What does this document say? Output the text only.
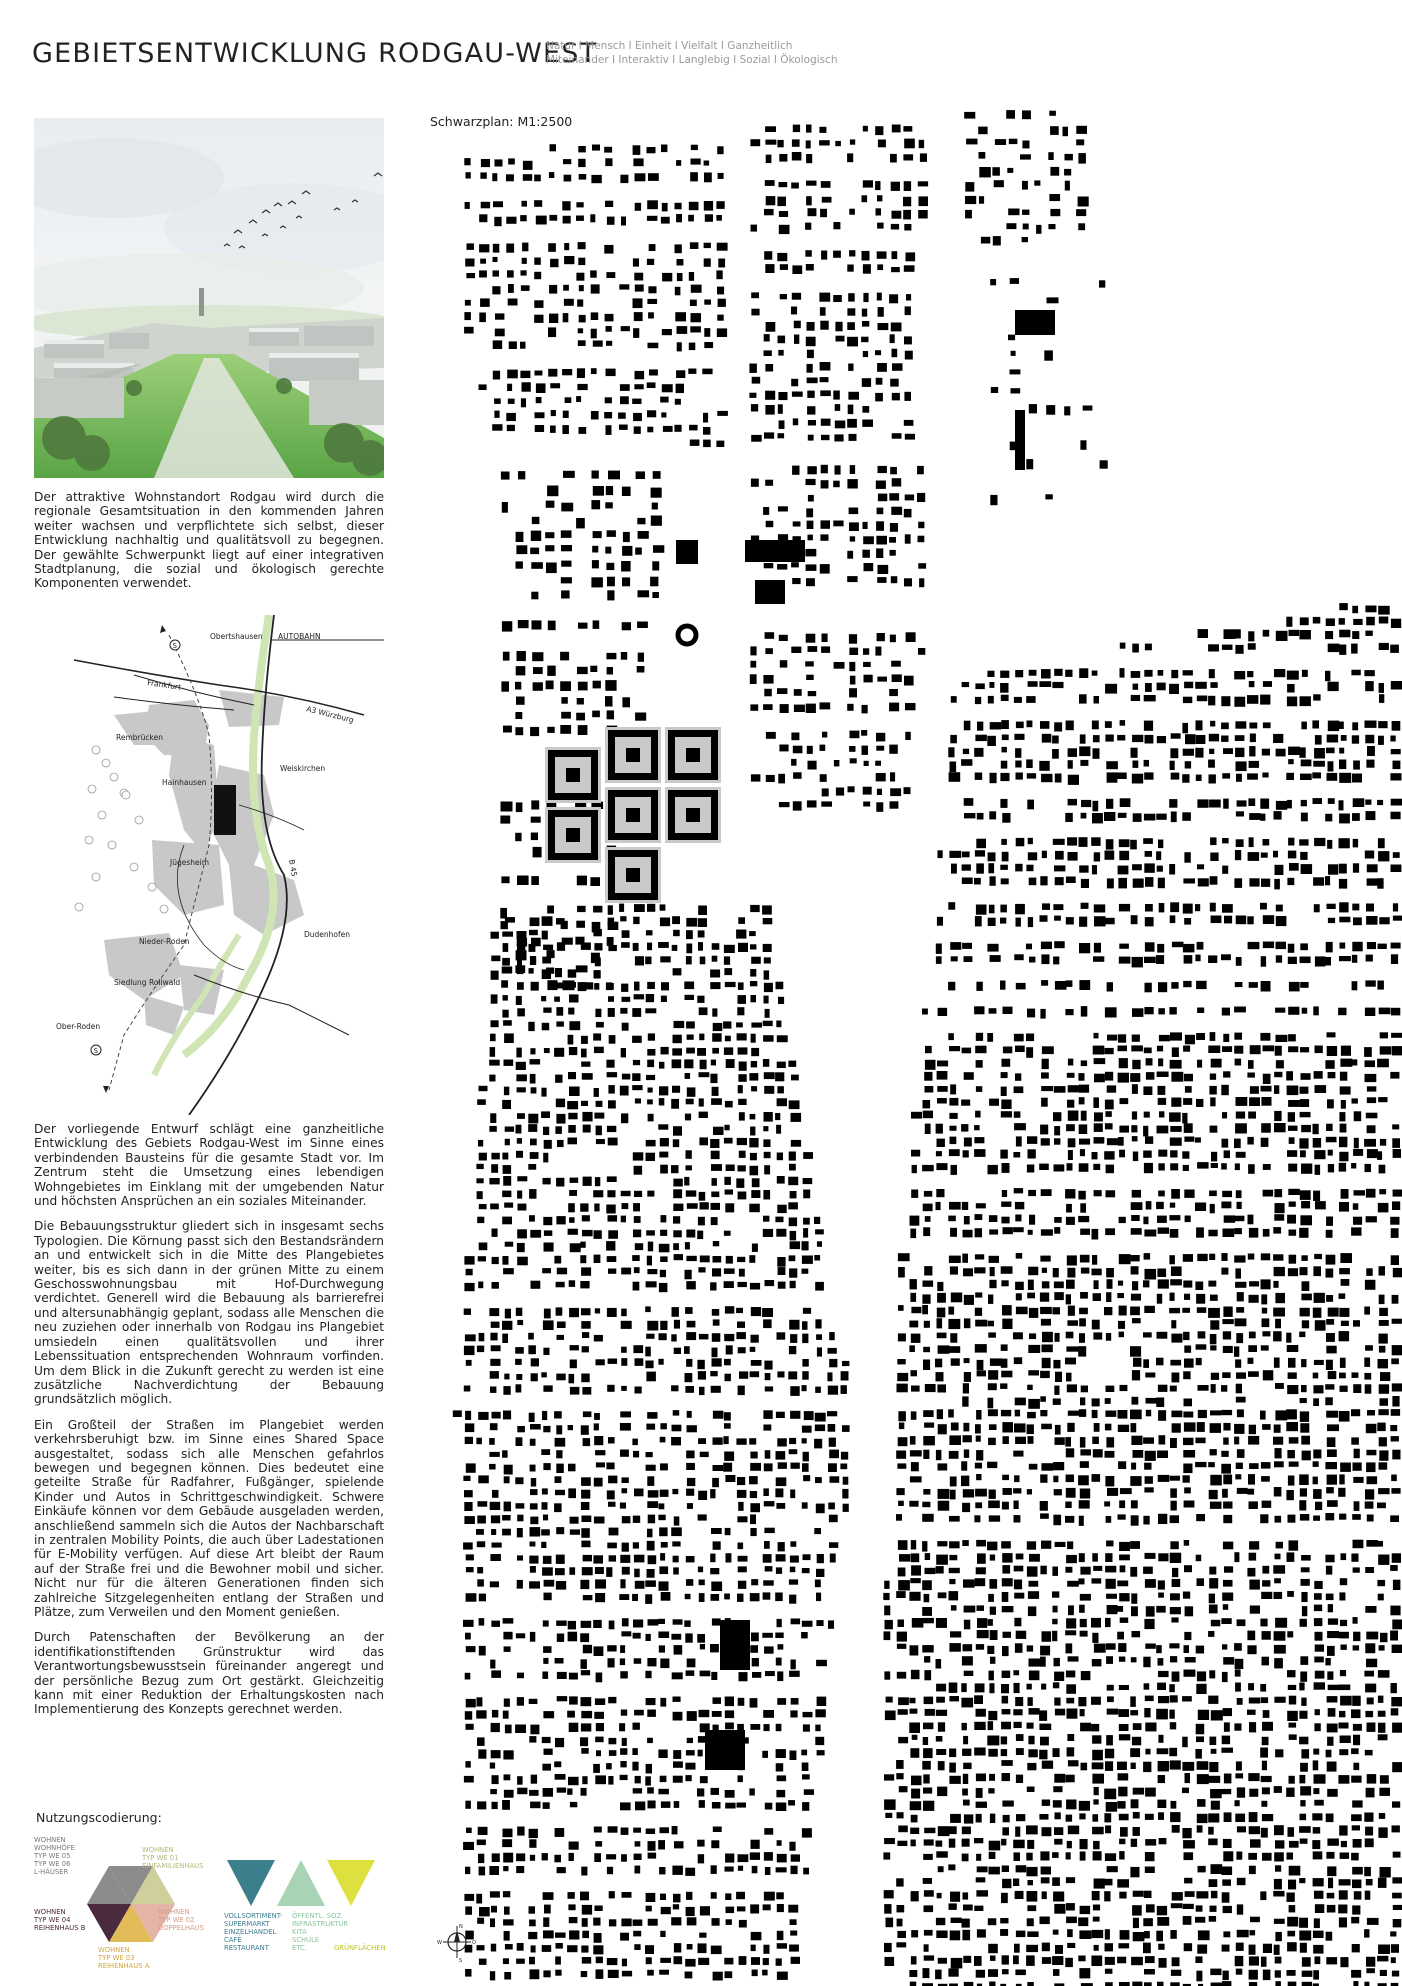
GEBIETSENTWICKLUNG RODGAU-WEST
Natur I Mensch I Einheit I Vielfalt I Ganzheitlich
Miteinander I Interaktiv I Langlebig I Sozial I Ökologisch

Der attraktive Wohnstandort Rodgau wird durch die regionale Gesamtsituation in den kommenden Jahren weiter wachsen und verpflichtete sich selbst, dieser Entwicklung nachhaltig und qualitätsvoll zu begegnen. Der gewählte Schwerpunkt liegt auf einer integrativen Stadtplanung, die sozial und ökologisch gerechte Komponenten verwendet.

Obertshausen AUTOBAHN
Frankfurt
A3 Würzburg
Rembrücken
Hainhausen
Weiskirchen
Jügesheim	B 45
Nieder-Roden
Dudenhofen
Siedlung Rollwald
Ober-Roden
S
S

Der vorliegende Entwurf schlägt eine ganzheitliche Entwicklung des Gebiets Rodgau-West im Sinne eines verbindenden Bausteins für die gesamte Stadt vor. Im Zentrum steht die Umsetzung eines lebendigen Wohngebietes im Einklang mit der umgebenden Natur und höchsten Ansprüchen an ein soziales Miteinander.

Die Bebauungsstruktur gliedert sich in insgesamt sechs Typologien. Die Körnung passt sich den Bestandsrändern an und entwickelt sich in die Mitte des Plangebietes weiter, bis es sich dann in der grünen Mitte zu einem Geschosswohnungsbau mit Hof-Durchwegung verdichtet. Generell wird die Bebauung als barrierefrei und altersunabhängig geplant, sodass alle Menschen die neu zuziehen oder innerhalb von Rodgau ins Plangebiet umsiedeln einen qualitätsvollen und ihrer Lebenssituation entsprechenden Wohnraum vorfinden. Um dem Blick in die Zukunft gerecht zu werden ist eine zusätzliche Nachverdichtung der Bebauung grundsätzlich möglich.

Ein Großteil der Straßen im Plangebiet werden verkehrsberuhigt bzw. im Sinne eines Shared Space ausgestaltet, sodass sich alle Menschen gefahrlos bewegen und begegnen können. Dies bedeutet eine geteilte Straße für Radfahrer, Fußgänger, spielende Kinder und Autos in Schrittgeschwindigkeit. Schwere Einkäufe können vor dem Gebäude ausgeladen werden, anschließend sammeln sich die Autos der Nachbarschaft in zentralen Mobility Points, die auch über Ladestationen für E-Mobility verfügen. Auf diese Art bleibt der Raum auf der Straße frei und die Bewohner mobil und sicher. Nicht nur für die älteren Generationen finden sich zahlreiche Sitzgelegenheiten entlang der Straßen und Plätze, zum Verweilen und den Moment genießen.

Durch Patenschaften der Bevölkerung an der identifikationstiftenden Grünstruktur wird das Verantwortungsbewusstsein füreinander angeregt und der persönliche Bezug zum Ort gestärkt. Gleichzeitig kann mit einer Reduktion der Erhaltungskosten nach Implementierung des Konzepts gerechnet werden.

Nutzungscodierung:
WOHNEN
WOHNHÖFE
TYP WE 05
TYP WE 06
L-HÄUSER
WOHNEN
TYP WE 01
EINFAMILIENHAUS
WOHNEN
TYP WE 04
REIHENHAUS B
WOHNEN
TYP WE 02
DOPPELHAUS
WOHNEN
TYP WE 03
REIHENHAUS A
VOLLSORTIMENT-
SUPERMARKT
EINZELHANDEL
CAFÉ
RESTAURANT
ÖFFENTL. SOZ.
INFRASTRUKTUR
KITA
SCHULE
ETC.	GRÜNFLÄCHEN
Schwarzplan: M1:2500
N
S
W	O
